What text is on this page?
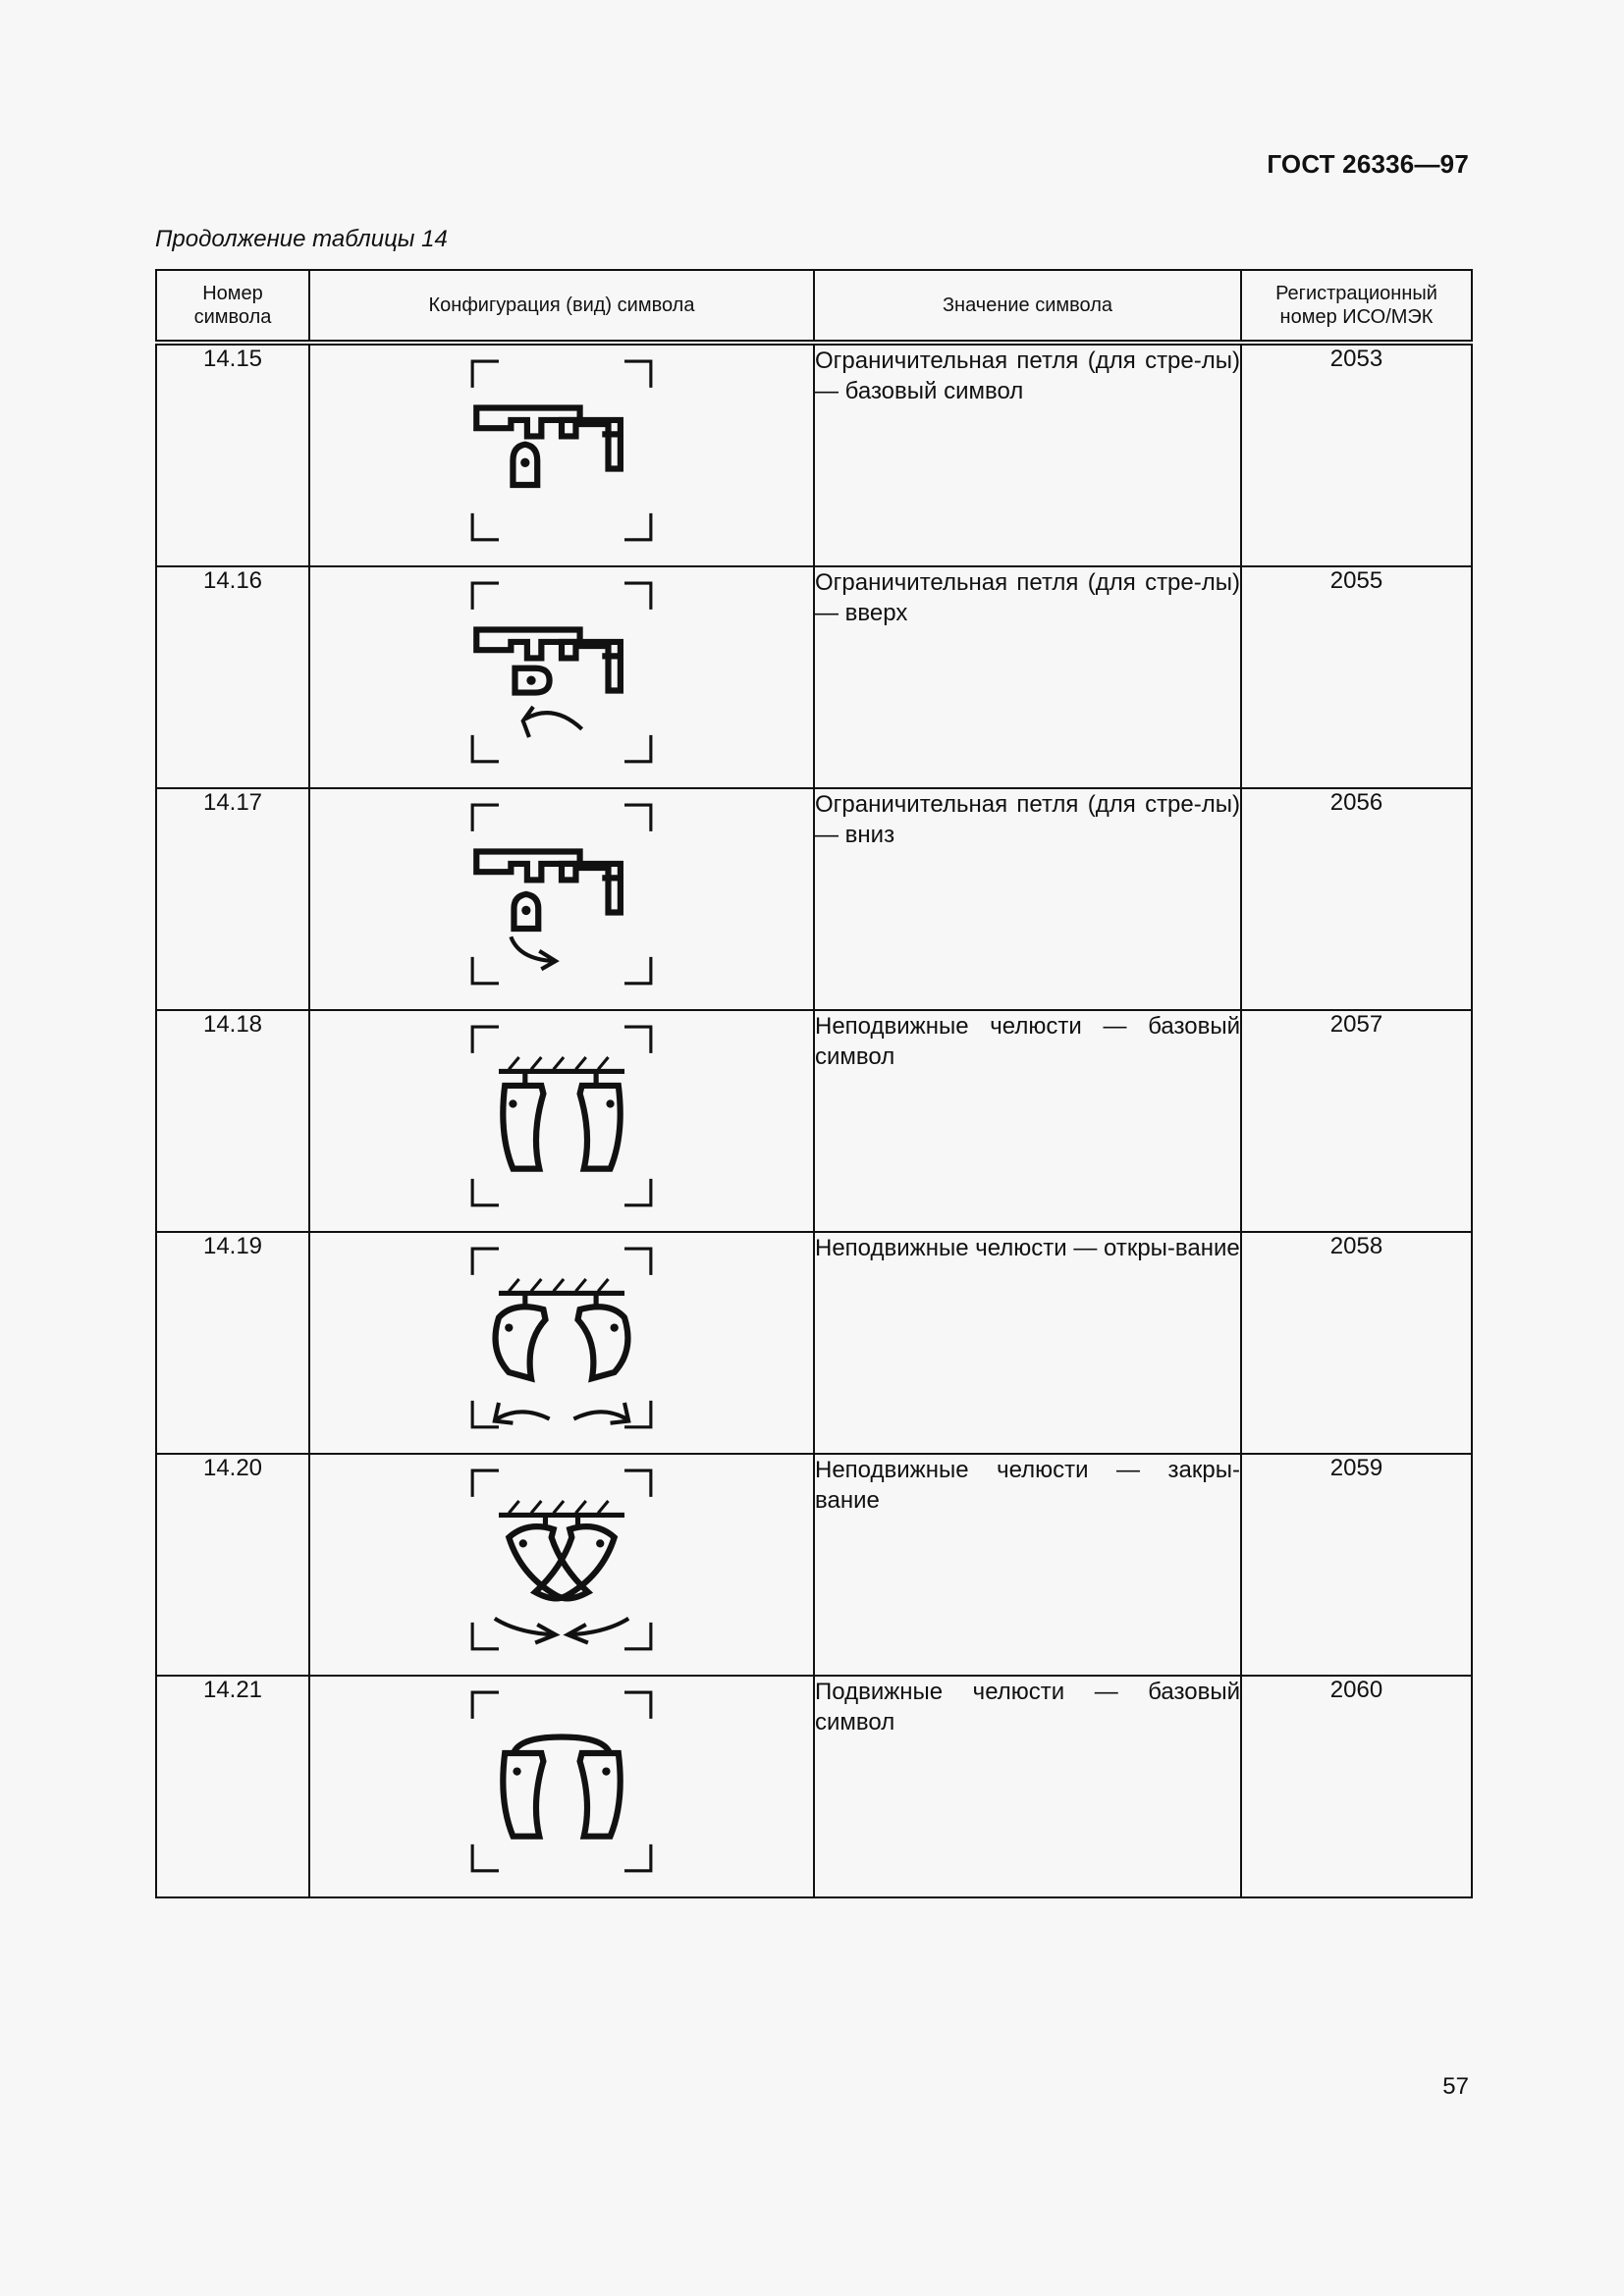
ГОСТ 26336—97
Продолжение таблицы 14
Номер символа	Конфигурация (вид) символа	Значение символа	Регистрационный номер ИСО/МЭК
14.15		Ограничительная петля (для стре-лы) — базовый символ	2053
14.16		Ограничительная петля (для стре-лы) — вверх	2055
14.17		Ограничительная петля (для стре-лы) — вниз	2056
14.18		Неподвижные челюсти — базовый символ	2057
14.19		Неподвижные челюсти — откры-вание	2058
14.20		Неподвижные челюсти — закры-вание	2059
14.21		Подвижные челюсти — базовый символ	2060
57
